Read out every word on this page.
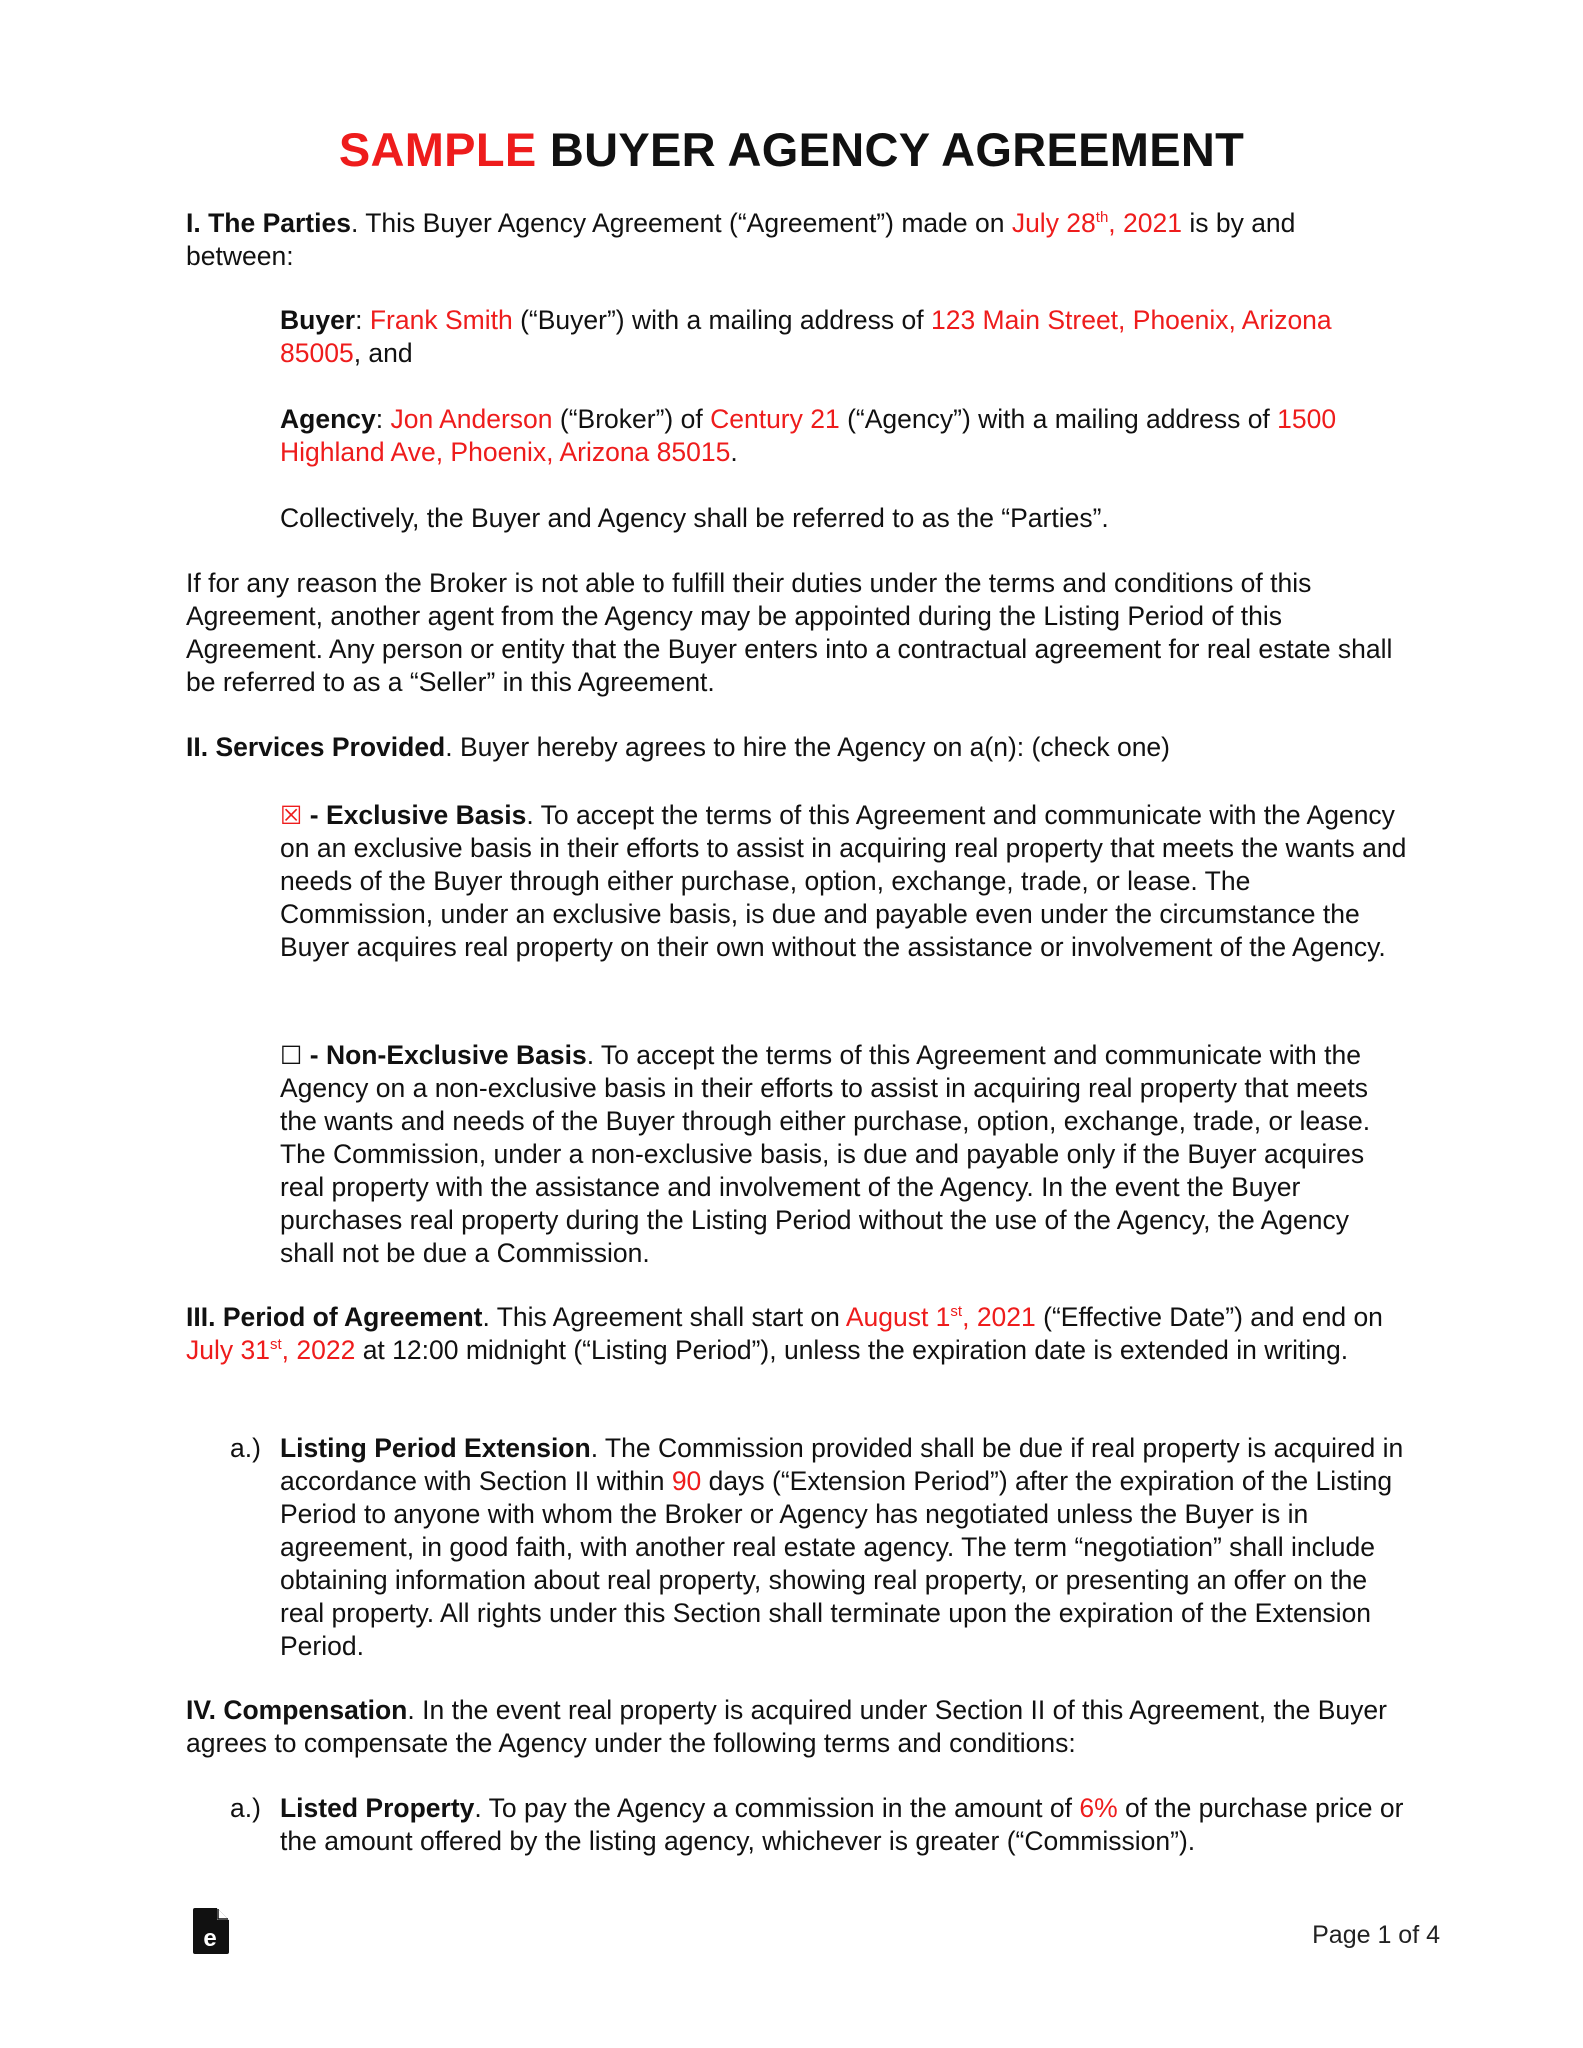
SAMPLE BUYER AGENCY AGREEMENT

I. The Parties. This Buyer Agency Agreement (“Agreement”) made on July 28th, 2021 is by and between:

Buyer: Frank Smith (“Buyer”) with a mailing address of 123 Main Street, Phoenix, Arizona 85005, and

Agency: Jon Anderson (“Broker”) of Century 21 (“Agency”) with a mailing address of 1500 Highland Ave, Phoenix, Arizona 85015.

Collectively, the Buyer and Agency shall be referred to as the “Parties”.

If for any reason the Broker is not able to fulfill their duties under the terms and conditions of this Agreement, another agent from the Agency may be appointed during the Listing Period of this Agreement. Any person or entity that the Buyer enters into a contractual agreement for real estate shall be referred to as a “Seller” in this Agreement.

II. Services Provided. Buyer hereby agrees to hire the Agency on a(n): (check one)

☒ - Exclusive Basis. To accept the terms of this Agreement and communicate with the Agency on an exclusive basis in their efforts to assist in acquiring real property that meets the wants and needs of the Buyer through either purchase, option, exchange, trade, or lease. The Commission, under an exclusive basis, is due and payable even under the circumstance the Buyer acquires real property on their own without the assistance or involvement of the Agency.

☐ - Non-Exclusive Basis. To accept the terms of this Agreement and communicate with the Agency on a non-exclusive basis in their efforts to assist in acquiring real property that meets the wants and needs of the Buyer through either purchase, option, exchange, trade, or lease. The Commission, under a non-exclusive basis, is due and payable only if the Buyer acquires real property with the assistance and involvement of the Agency. In the event the Buyer purchases real property during the Listing Period without the use of the Agency, the Agency shall not be due a Commission.

III. Period of Agreement. This Agreement shall start on August 1st, 2021 (“Effective Date”) and end on July 31st, 2022 at 12:00 midnight (“Listing Period”), unless the expiration date is extended in writing.

a.) Listing Period Extension. The Commission provided shall be due if real property is acquired in accordance with Section II within 90 days (“Extension Period”) after the expiration of the Listing Period to anyone with whom the Broker or Agency has negotiated unless the Buyer is in agreement, in good faith, with another real estate agency. The term “negotiation” shall include obtaining information about real property, showing real property, or presenting an offer on the real property. All rights under this Section shall terminate upon the expiration of the Extension Period.

IV. Compensation. In the event real property is acquired under Section II of this Agreement, the Buyer agrees to compensate the Agency under the following terms and conditions:

a.) Listed Property. To pay the Agency a commission in the amount of 6% of the purchase price or the amount offered by the listing agency, whichever is greater (“Commission”).

e	Page 1 of 4
